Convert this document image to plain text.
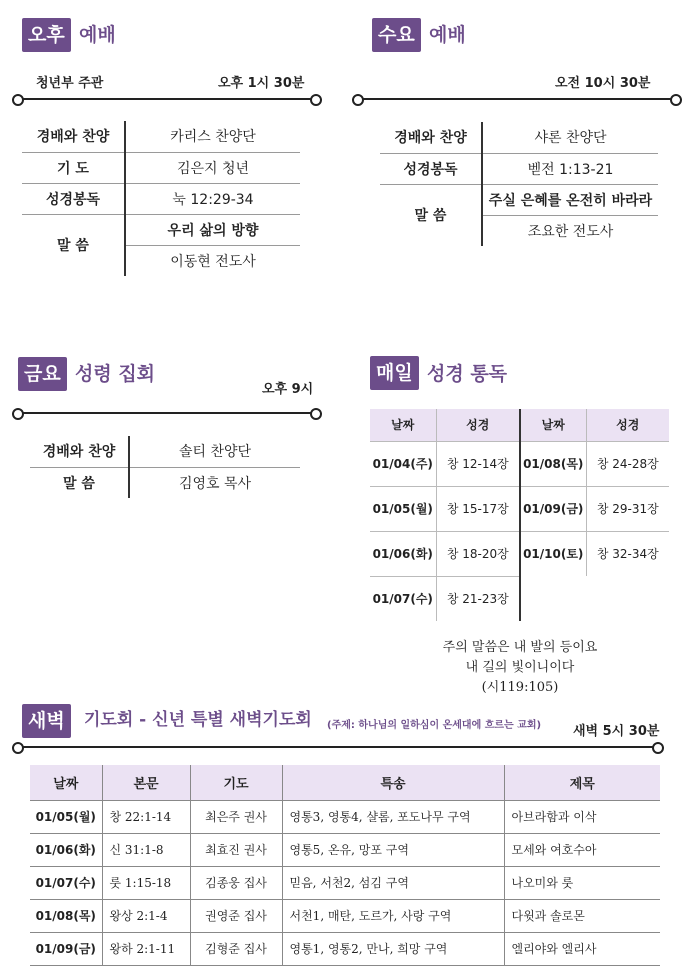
오후 예배
청년부 주관	오후 1시 30분
경배와 찬양	카리스 찬양단
기 도	김은지 청년
성경봉독	눅 12:29-34
말 씀	우리 삶의 방향
	이동현 전도사
수요 예배
오전 10시 30분
경배와 찬양	샤론 찬양단
성경봉독	벧전 1:13-21
말 씀	주실 은혜를 온전히 바라라
	조요한 전도사
금요 성령 집회
오후 9시
경배와 찬양	솔티 찬양단
말 씀	김영호 목사
매일 성경 통독
날짜	성경	날짜	성경
01/04(주)	창 12-14장	01/08(목)	창 24-28장
01/05(월)	창 15-17장	01/09(금)	창 29-31장
01/06(화)	창 18-20장	01/10(토)	창 32-34장
01/07(수)	창 21-23장		
주의 말씀은 내 발의 등이요
내 길의 빛이니이다
(시119:105)
새벽	기도회 - 신년 특별 새벽기도회 (주제: 하나님의 일하심이 온세대에 흐르는 교회) 새벽 5시 30분
날짜	본문	기도	특송	제목
01/05(월)	창 22:1-14	최은주 권사	영통3, 영통4, 샬롬, 포도나무 구역	아브라함과 이삭
01/06(화)	신 31:1-8	최효진 권사	영통5, 온유, 망포 구역	모세와 여호수아
01/07(수)	룻 1:15-18	김종웅 집사	믿음, 서천2, 섬김 구역	나오미와 룻
01/08(목)	왕상 2:1-4	권영준 집사	서천1, 매탄, 도르가, 사랑 구역	다윗과 솔로몬
01/09(금)	왕하 2:1-11	김형준 집사	영통1, 영통2, 만나, 희망 구역	엘리야와 엘리사
